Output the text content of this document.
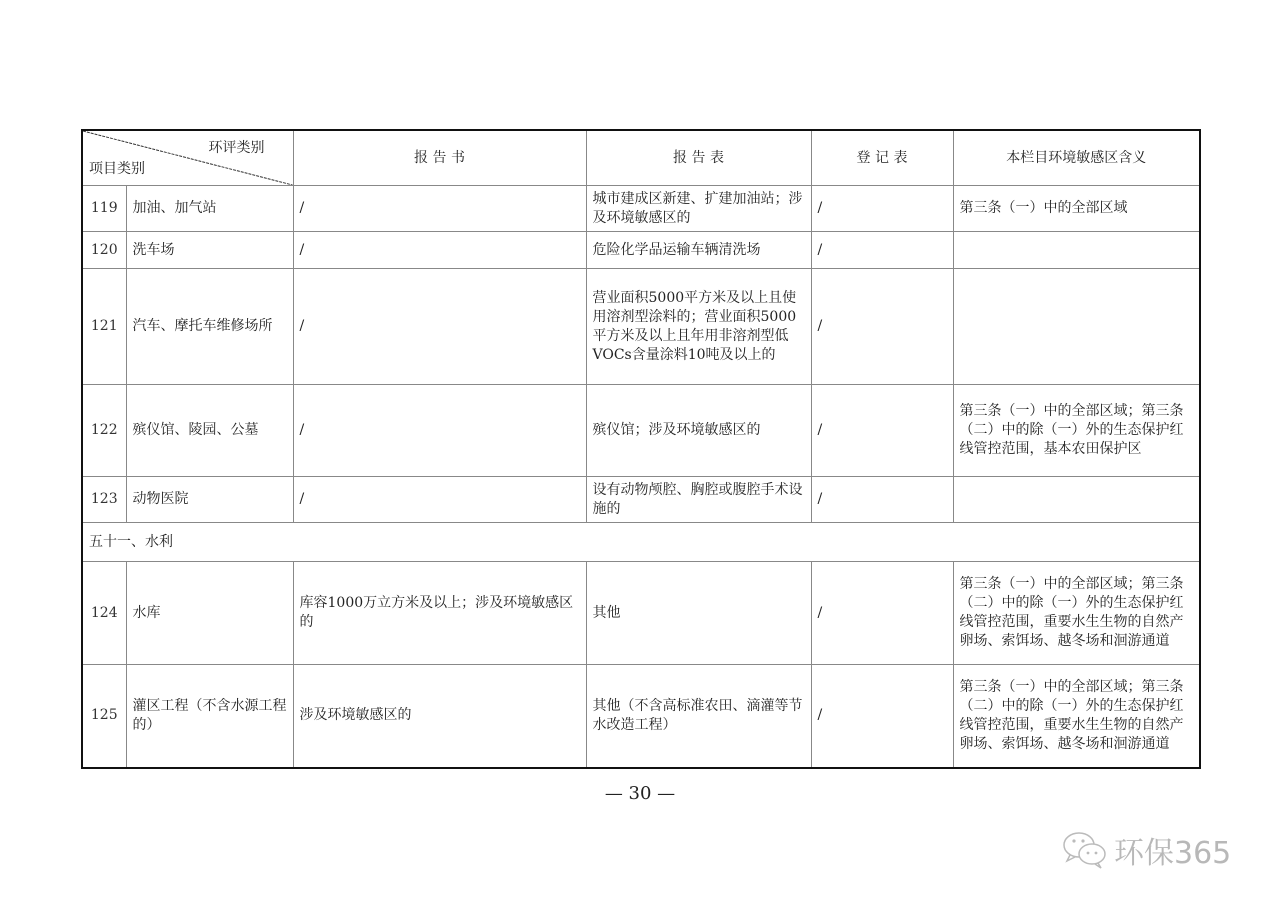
环评类别
项目类别		报 告 书	报 告 表	登 记 表	本栏目环境敏感区含义
119	加油、加气站	/	城市建成区新建、扩建加油站；涉及环境敏感区的	/	第三条（一）中的全部区域
120	洗车场	/	危险化学品运输车辆清洗场	/	
121	汽车、摩托车维修场所	/	营业面积5000平方米及以上且使用溶剂型涂料的；营业面积5000平方米及以上且年用非溶剂型低VOCs含量涂料10吨及以上的	/	
122	殡仪馆、陵园、公墓	/	殡仪馆；涉及环境敏感区的	/	第三条（一）中的全部区域；第三条（二）中的除（一）外的生态保护红线管控范围，基本农田保护区
123	动物医院	/	设有动物颅腔、胸腔或腹腔手术设施的	/	
五十一、水利					
124	水库	库容1000万立方米及以上；涉及环境敏感区的	其他	/	第三条（一）中的全部区域；第三条（二）中的除（一）外的生态保护红线管控范围，重要水生生物的自然产卵场、索饵场、越冬场和洄游通道
125	灌区工程（不含水源工程的）	涉及环境敏感区的	其他（不含高标准农田、滴灌等节水改造工程）	/	第三条（一）中的全部区域；第三条（二）中的除（一）外的生态保护红线管控范围，重要水生生物的自然产卵场、索饵场、越冬场和洄游通道
— 30 —
环保365
